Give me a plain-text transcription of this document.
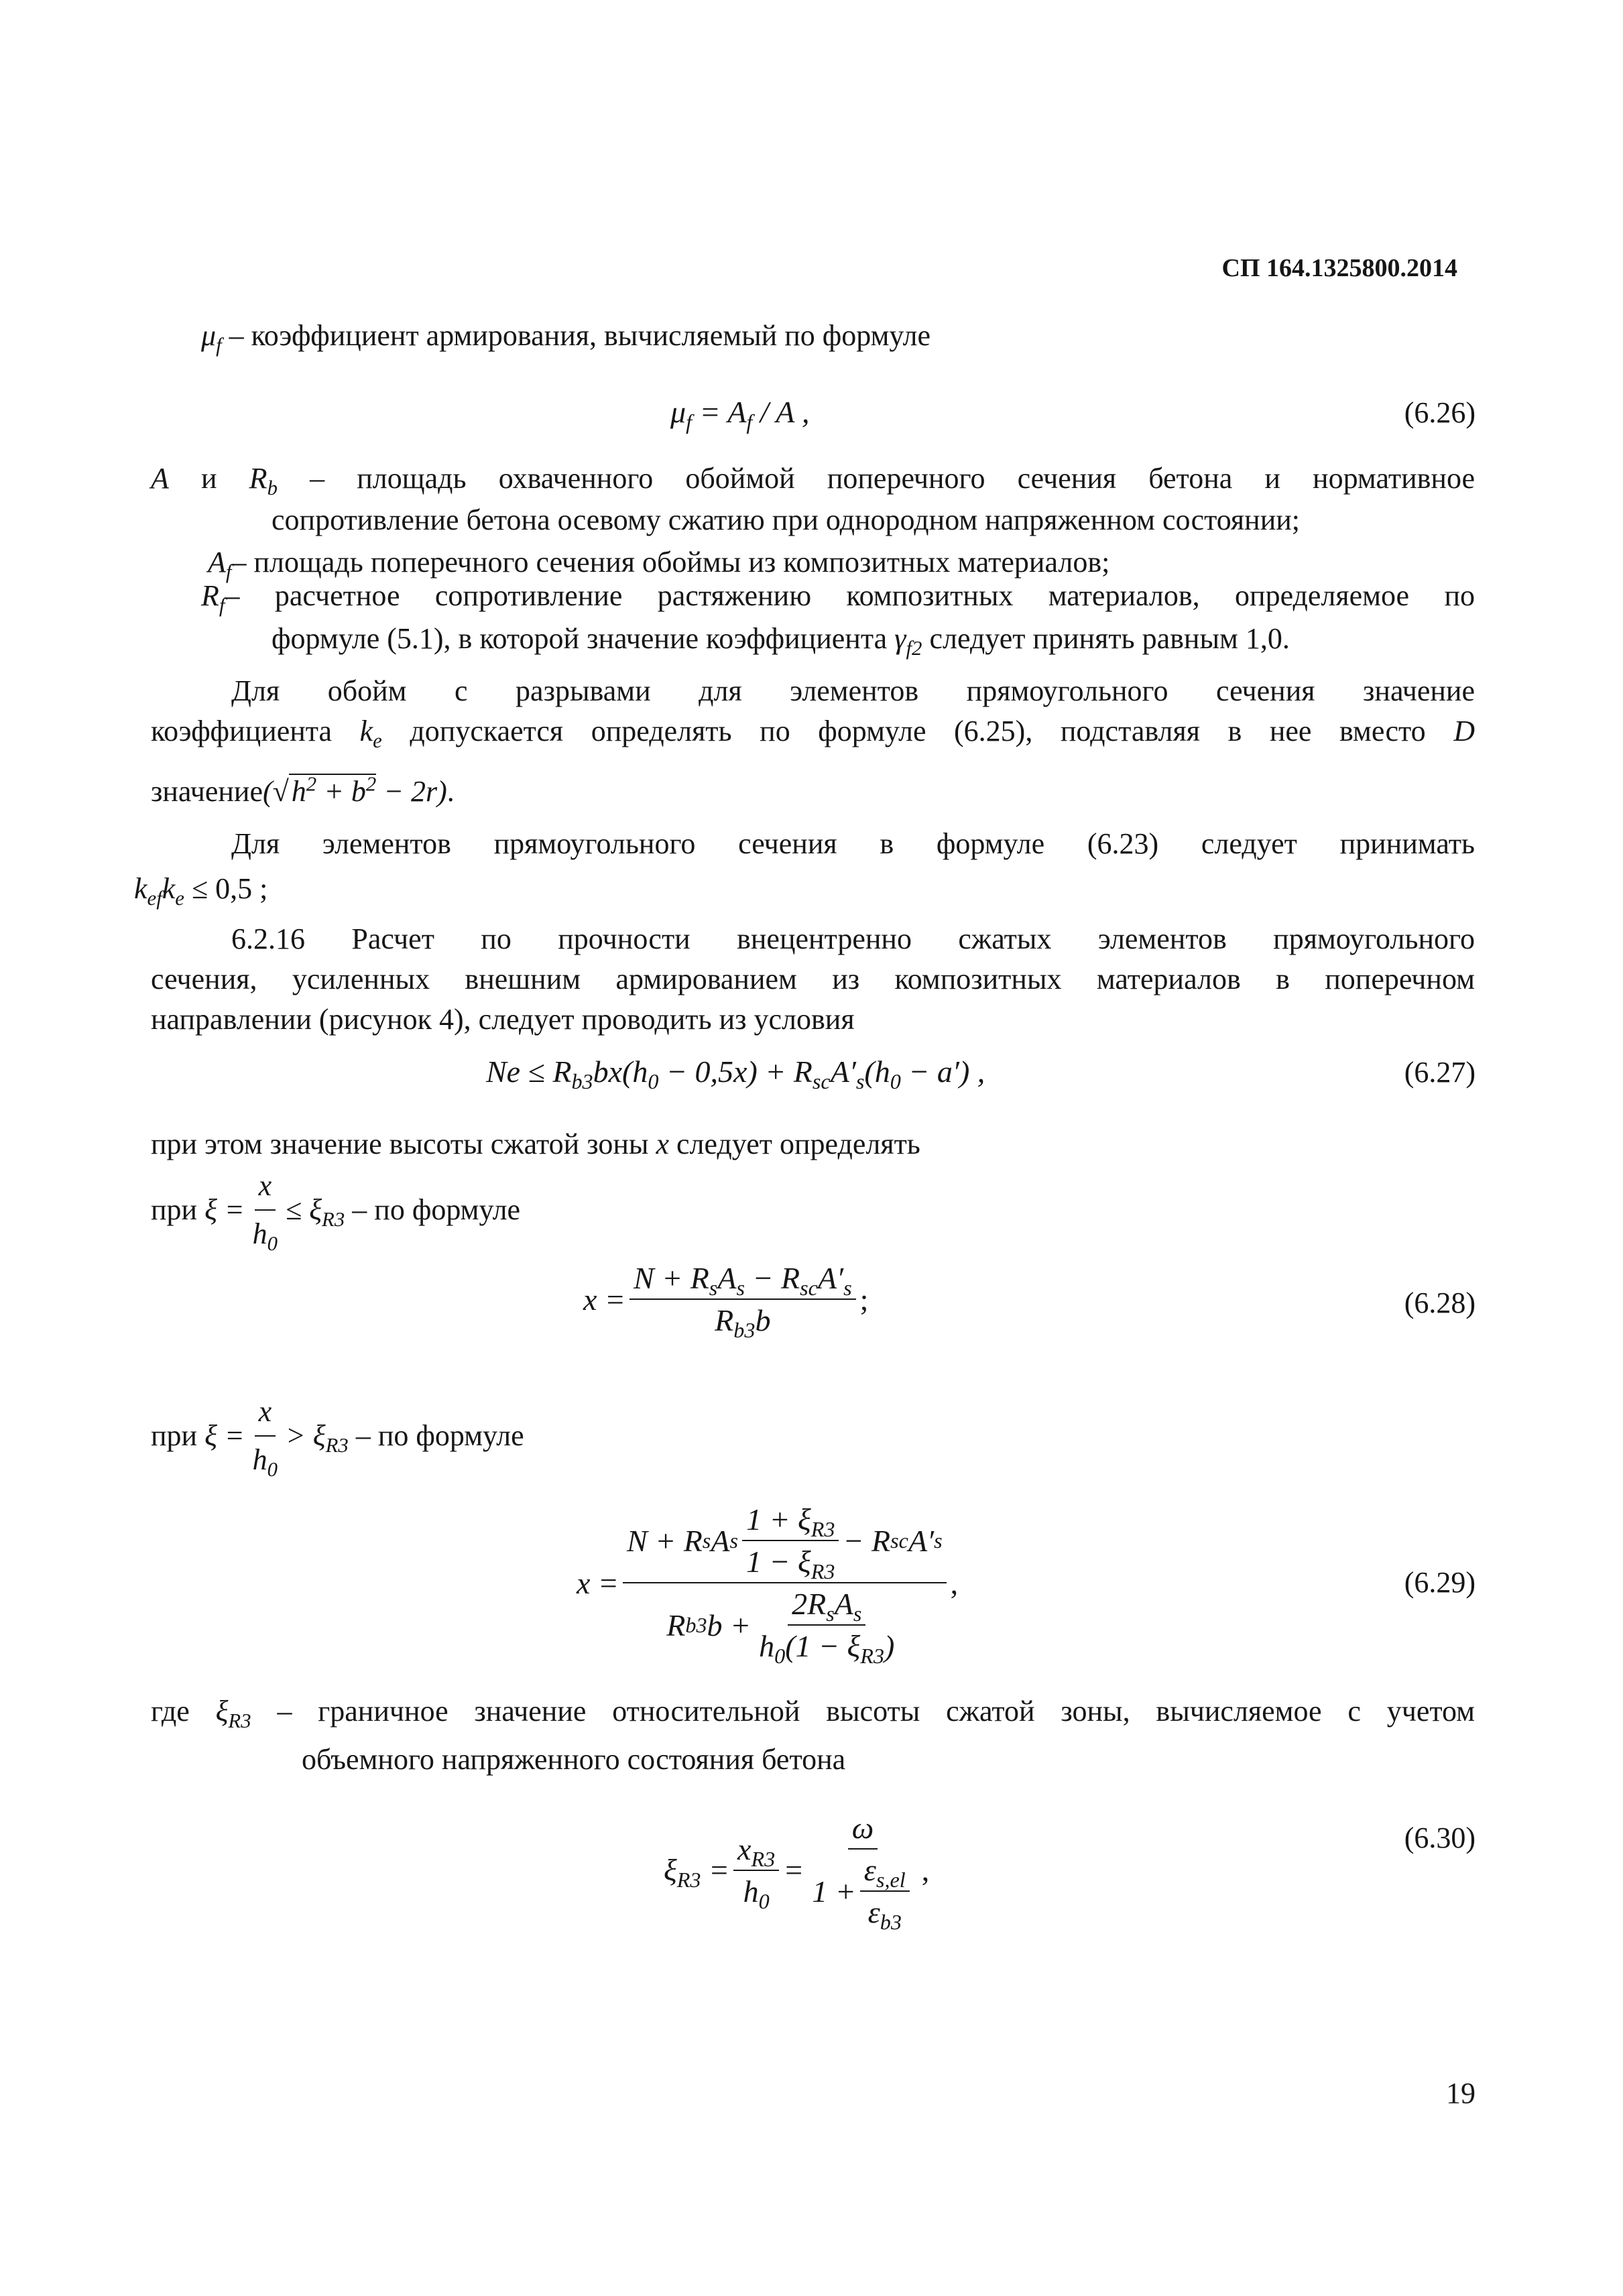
СП 164.1325800.2014
$\mu_f$ – коэффициент армирования, вычисляемый по формуле
$\mu_f = A_f / A$ ,	(6.26)
A и $R_b$ – площадь охваченного обоймой поперечного сечения бетона и нормативное
сопротивление бетона осевому сжатию при однородном напряженном состоянии;
$A_f-$ площадь поперечного сечения обоймы из композитных материалов;
$R_f-$ расчетное сопротивление растяжению композитных материалов, определяемое по
формуле (5.1), в которой значение коэффициента $\gamma_{f2}$ следует принять равным 1,0.
Для обойм с разрывами для элементов прямоугольного сечения значение
коэффициента $k_e$ допускается определять по формуле (6.25), подставляя в нее вместо D
$значение(√h^2 + b^2 - 2r)$.
Для элементов прямоугольного сечения в формуле (6.23) следует принимать
$k_{ef}k_e \le 0,5$ ;
6.2.16 Расчет по прочности внецентренно сжатых элементов прямоугольного
сечения, усиленных внешним армированием из композитных материалов в поперечном
направлении (рисунок 4), следует проводить из условия
$Ne \le R_{b3}bx(h_0 - 0,5x) + R_{sc}A'_s(h_0 - a')$ ,	(6.27)
при этом значение высоты сжатой зоны x следует определять
при
$\xi = \frac{x}{h_0} \le \xi_{R3}$
– по формуле
$x = \frac{N + R_sA_s - R_{sc}A'_s}{R_{b3}b}$ ;	(6.28)
при
$\xi = \frac{x}{h_0} > \xi_{R3}$
– по формуле
$x = \frac{N + R s A s \frac{1 + \xi_{R3}}{1 - \xi_{R3}} - R sc A' s}{R b3 b + \frac{2R_sA_s}{h_0(1 - \xi_{R3})}}$ ,	(6.29)
где $\xi_{R3}$ – граничное значение относительной высоты сжатой зоны, вычисляемое с учетом
объемного напряженного состояния бетона
$\xi_{R3} = \frac{x_{R3}}{h_0} = \frac{\omega}{1 + \frac{\varepsilon_{s,el}}{\varepsilon_{b3}}}$ ,
(6.30)
19
